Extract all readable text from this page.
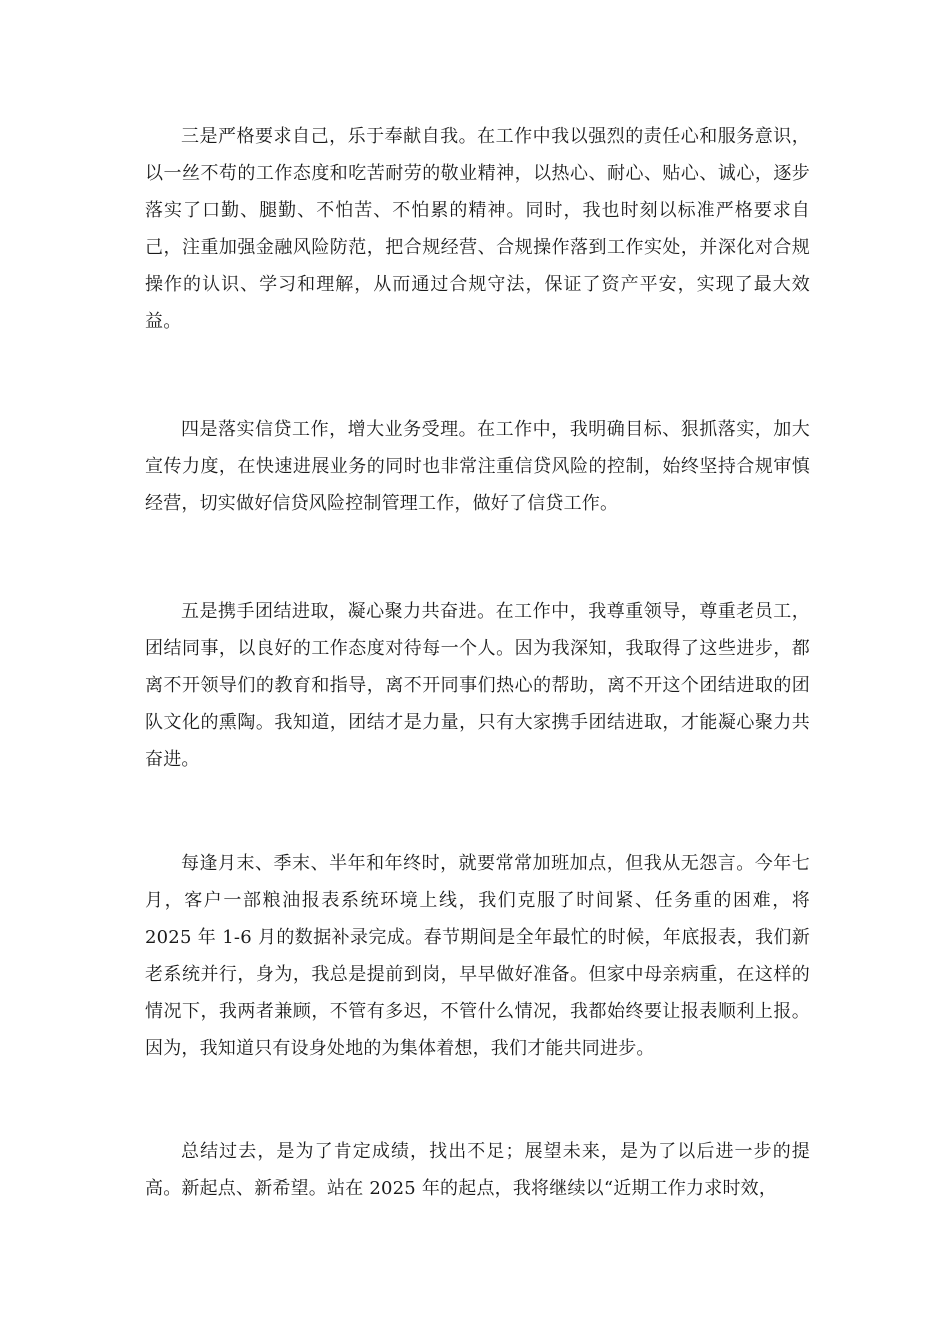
三是严格要求自己，乐于奉献自我。在工作中我以强烈的责任心和服务意识，以一丝不苟的工作态度和吃苦耐劳的敬业精神，以热心、耐心、贴心、诚心，逐步落实了口勤、腿勤、不怕苦、不怕累的精神。同时，我也时刻以标准严格要求自己，注重加强金融风险防范，把合规经营、合规操作落到工作实处，并深化对合规操作的认识、学习和理解，从而通过合规守法，保证了资产平安，实现了最大效益。

四是落实信贷工作，增大业务受理。在工作中，我明确目标、狠抓落实，加大宣传力度，在快速进展业务的同时也非常注重信贷风险的控制，始终坚持合规审慎经营，切实做好信贷风险控制管理工作，做好了信贷工作。

五是携手团结进取，凝心聚力共奋进。在工作中，我尊重领导，尊重老员工，团结同事，以良好的工作态度对待每一个人。因为我深知，我取得了这些进步，都离不开领导们的教育和指导，离不开同事们热心的帮助，离不开这个团结进取的团队文化的熏陶。我知道，团结才是力量，只有大家携手团结进取，才能凝心聚力共奋进。

每逢月末、季末、半年和年终时，就要常常加班加点，但我从无怨言。今年七月，客户一部粮油报表系统环境上线，我们克服了时间紧、任务重的困难，将 2025 年 1-6 月的数据补录完成。春节期间是全年最忙的时候，年底报表，我们新老系统并行，身为，我总是提前到岗，早早做好准备。但家中母亲病重，在这样的情况下，我两者兼顾，不管有多迟，不管什么情况，我都始终要让报表顺利上报。因为，我知道只有设身处地的为集体着想，我们才能共同进步。

总结过去，是为了肯定成绩，找出不足；展望未来，是为了以后进一步的提高。新起点、新希望。站在 2025 年的起点，我将继续以“近期工作力求时效，
